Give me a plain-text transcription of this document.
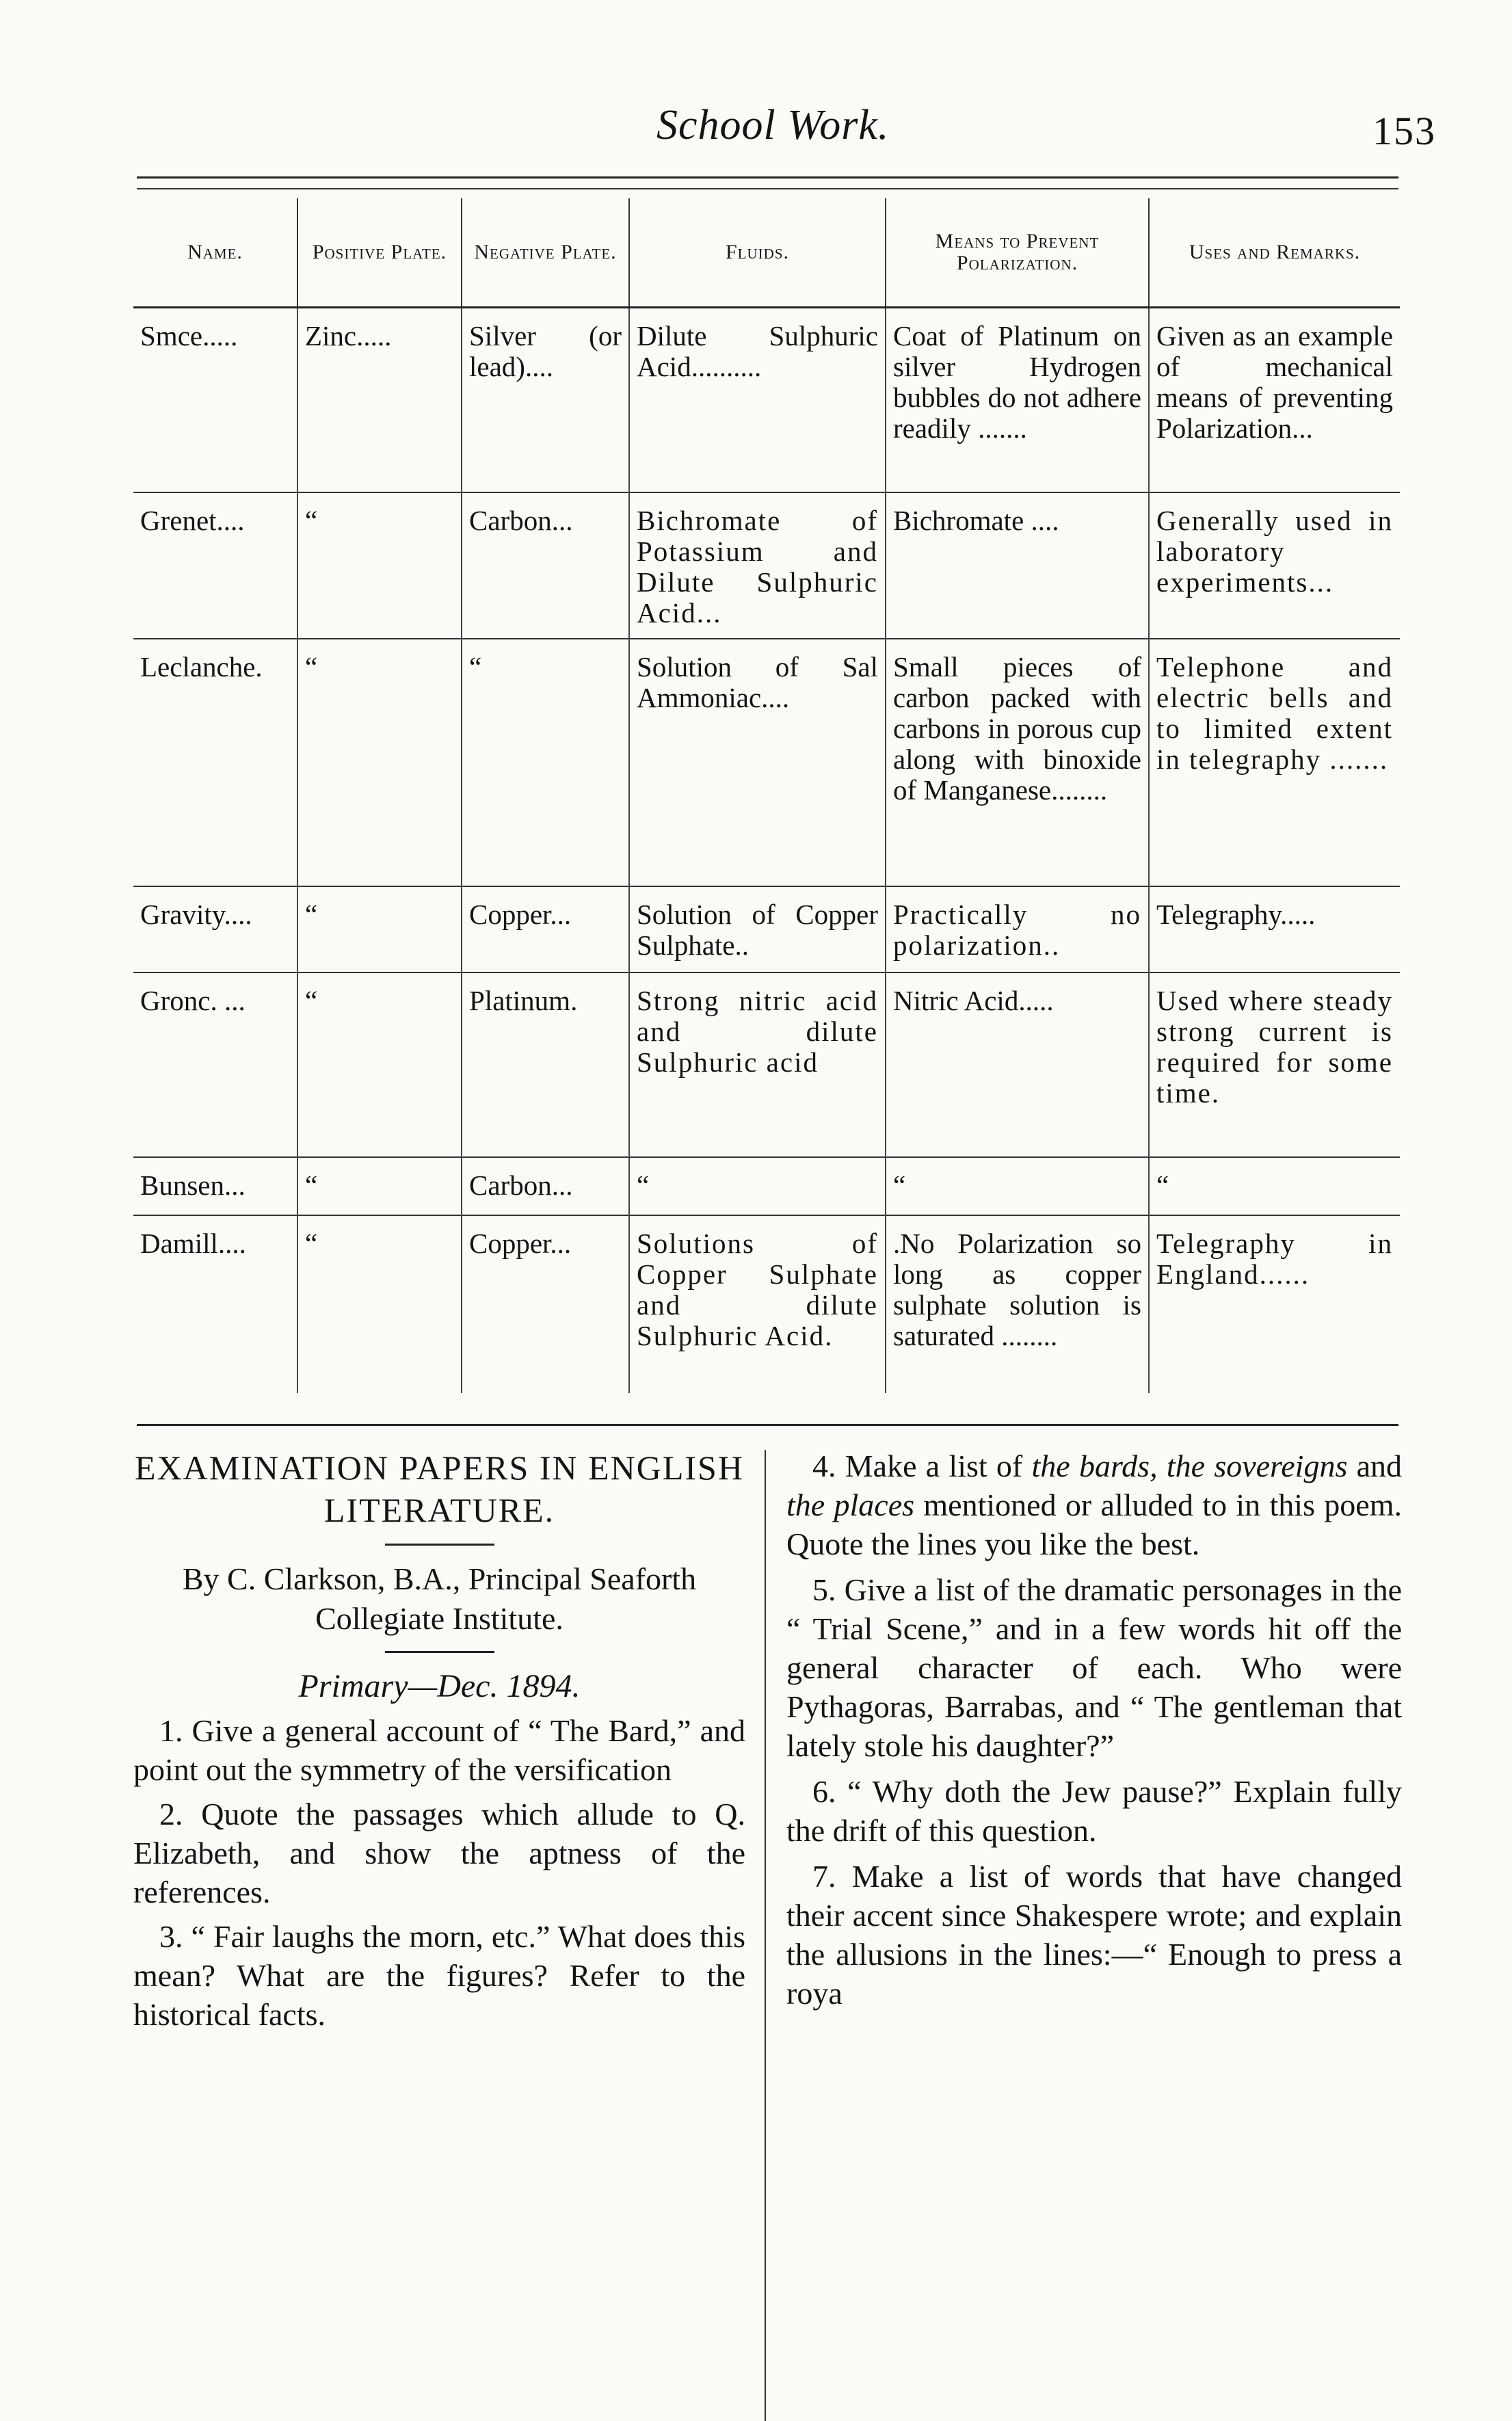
School Work.	153
Name.	Positive Plate.	Negative Plate.	Fluids.	Means to Prevent Polarization.	Uses and Remarks.
Smce.....	Zinc.....	Silver (or lead)....	Dilute Sulphuric Acid..........	Coat of Platinum on silver Hydrogen bubbles do not adhere readily .......	Given as an example of mechanical means of preventing Polarization...
Grenet....	“	Carbon...	Bichromate of Potassium and Dilute Sulphuric Acid...	Bichromate ....	Generally used in laboratory experiments...
Leclanche.	“	“	Solution of Sal Ammoniac....	Small pieces of carbon packed with carbons in porous cup along with binoxide of Manganese........	Telephone and electric bells and to limited extent in telegraphy .......
Gravity....	“	Copper...	Solution of Copper Sulphate..	Practically no polarization..	Telegraphy.....
Gronc. ...	“	Platinum.	Strong nitric acid and dilute Sulphuric acid	Nitric Acid.....	Used where steady strong current is required for some time.
Bunsen...	“	Carbon...	“	“	“
Damill....	“	Copper...	Solutions of Copper Sulphate and dilute Sulphuric Acid.	.No Polarization so long as copper sulphate solution is saturated ........	Telegraphy in England......
EXAMINATION PAPERS IN ENGLISH LITERATURE.
By C. Clarkson, B.A., Principal Seaforth Collegiate Institute.
Primary—Dec. 1894.

1. Give a general account of “ The Bard,” and point out the symmetry of the versification

2. Quote the passages which allude to Q. Elizabeth, and show the aptness of the references.

3. “ Fair laughs the morn, etc.” What does this mean? What are the figures? Refer to the historical facts.

4. Make a list of the bards, the sovereigns and the places mentioned or alluded to in this poem. Quote the lines you like the best.

5. Give a list of the dramatic personages in the “ Trial Scene,” and in a few words hit off the general character of each. Who were Pythagoras, Barrabas, and “ The gentleman that lately stole his daughter?”

6. “ Why doth the Jew pause?” Explain fully the drift of this question.

7. Make a list of words that have changed their accent since Shakespere wrote; and explain the allusions in the lines:—“ Enough to press a roya
